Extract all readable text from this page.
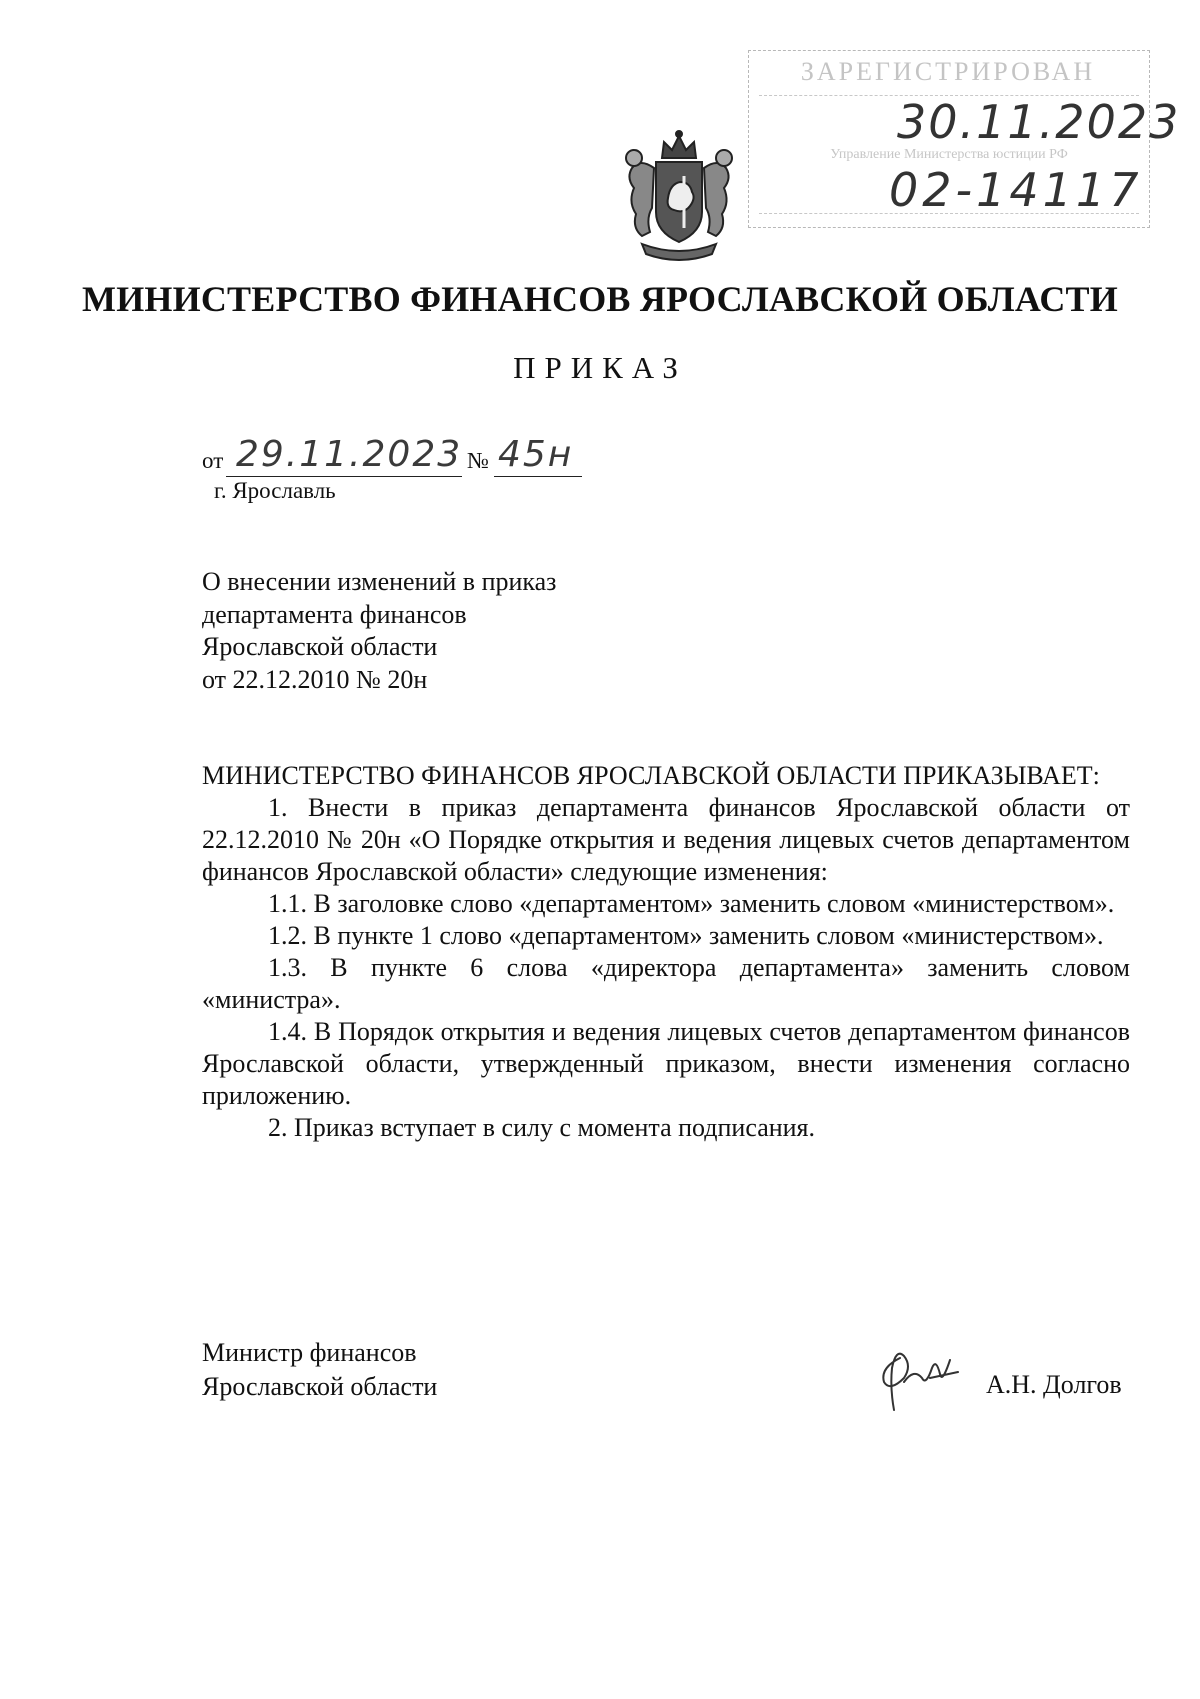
ЗАРЕГИСТРИРОВАН
Управление Министерства юстиции РФ
30.11.2023
02-14117
МИНИСТЕРСТВО ФИНАНСОВ ЯРОСЛАВСКОЙ ОБЛАСТИ
ПРИКАЗ
от 29.11.2023 № 45н
г. Ярославль
О внесении изменений в приказ
департамента финансов
Ярославской области
от 22.12.2010 № 20н

МИНИСТЕРСТВО ФИНАНСОВ ЯРОСЛАВСКОЙ ОБЛАСТИ ПРИКАЗЫВАЕТ:

1. Внести в приказ департамента финансов Ярославской области от 22.12.2010 № 20н «О Порядке открытия и ведения лицевых счетов департаментом финансов Ярославской области» следующие изменения:

1.1. В заголовке слово «департаментом» заменить словом «министерством».

1.2. В пункте 1 слово «департаментом» заменить словом «министерством».

1.3. В пункте 6 слова «директора департамента» заменить словом «министра».

1.4. В Порядок открытия и ведения лицевых счетов департаментом финансов Ярославской области, утвержденный приказом, внести изменения согласно приложению.

2. Приказ вступает в силу с момента подписания.

Министр финансов
Ярославской области	А.Н. Долгов
